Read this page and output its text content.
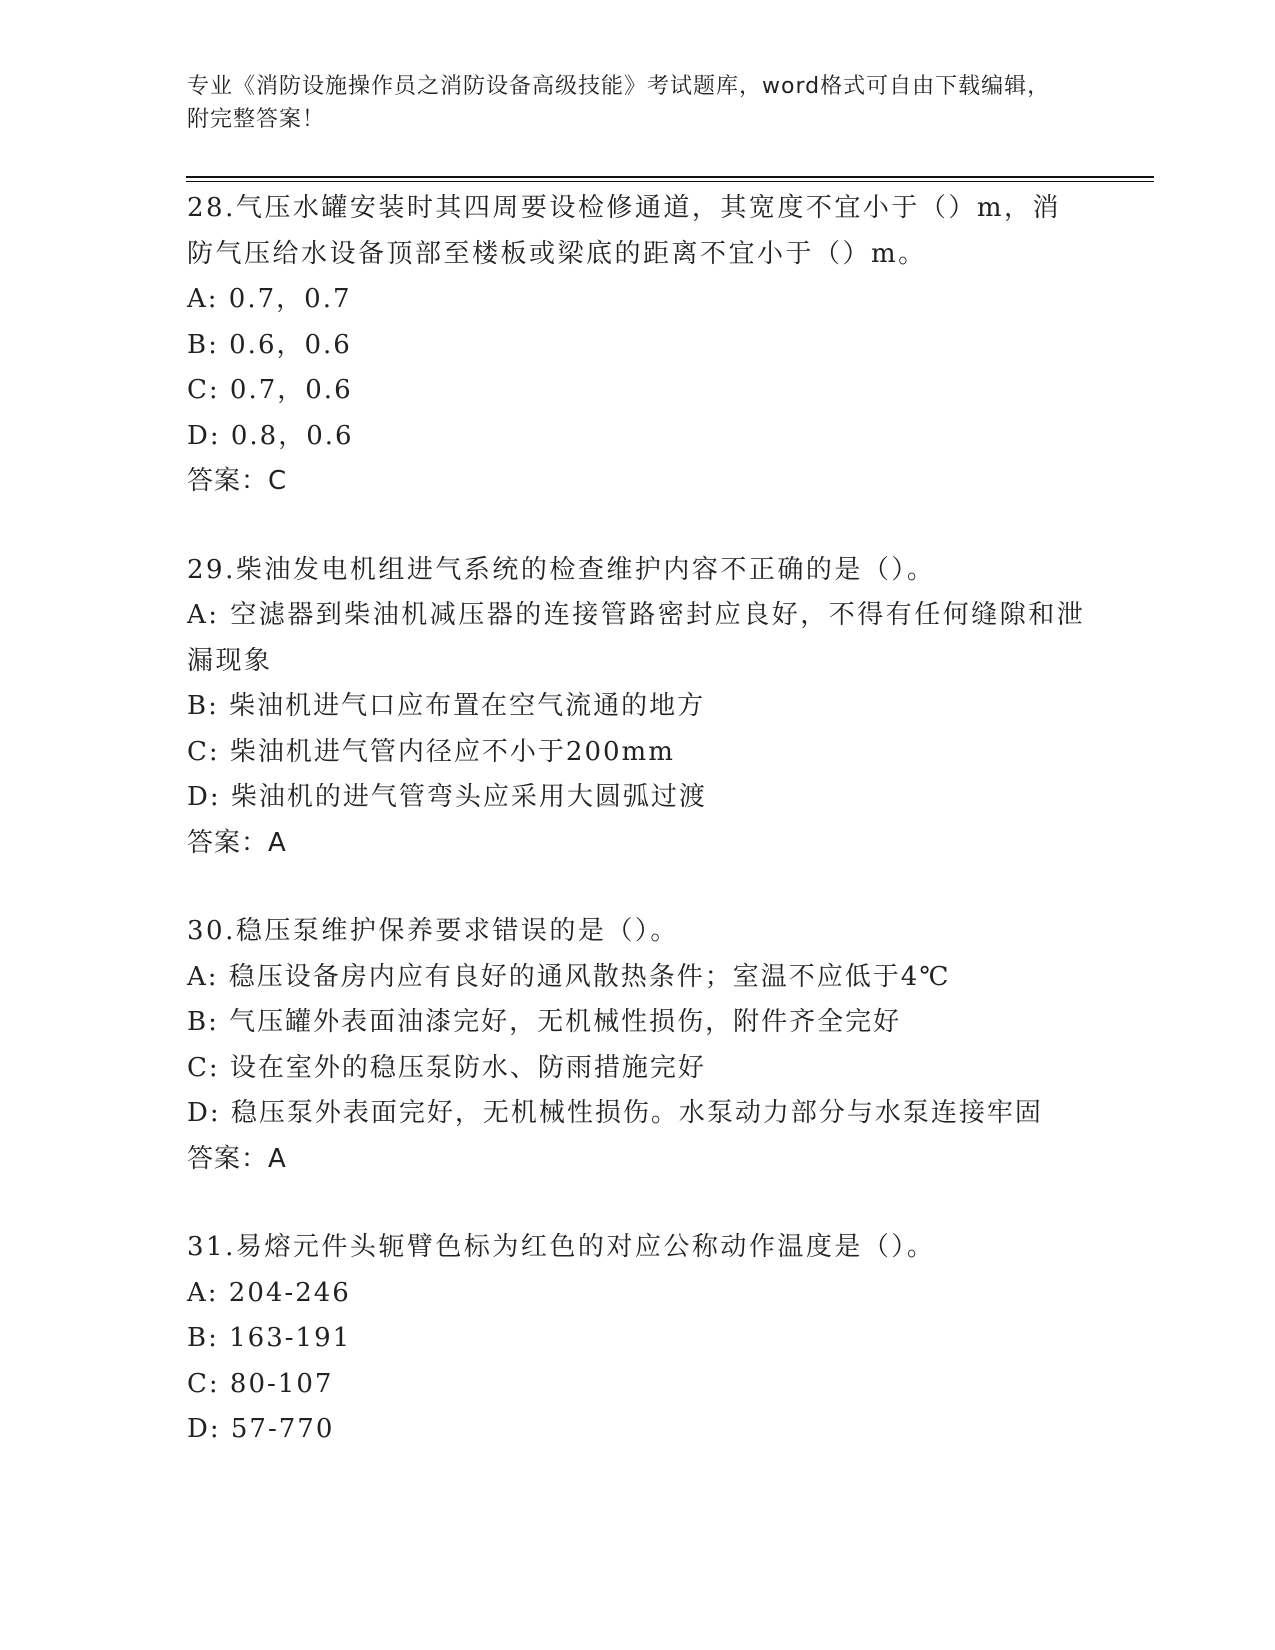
专业《消防设施操作员之消防设备高级技能》考试题库，word格式可自由下载编辑，附完整答案！
28.气压水罐安装时其四周要设检修通道，其宽度不宜小于（）m，消防气压给水设备顶部至楼板或梁底的距离不宜小于（）m。
A: 0.7，0.7
B: 0.6，0.6
C: 0.7，0.6
D: 0.8，0.6
答案：C
29.柴油发电机组进气系统的检查维护内容不正确的是（）。
A: 空滤器到柴油机减压器的连接管路密封应良好，不得有任何缝隙和泄漏现象
B: 柴油机进气口应布置在空气流通的地方
C: 柴油机进气管内径应不小于200mm
D: 柴油机的进气管弯头应采用大圆弧过渡
答案：A
30.稳压泵维护保养要求错误的是（）。
A: 稳压设备房内应有良好的通风散热条件；室温不应低于4℃
B: 气压罐外表面油漆完好，无机械性损伤，附件齐全完好
C: 设在室外的稳压泵防水、防雨措施完好
D: 稳压泵外表面完好，无机械性损伤。水泵动力部分与水泵连接牢固
答案：A
31.易熔元件头轭臂色标为红色的对应公称动作温度是（）。
A: 204-246
B: 163-191
C: 80-107
D: 57-770
